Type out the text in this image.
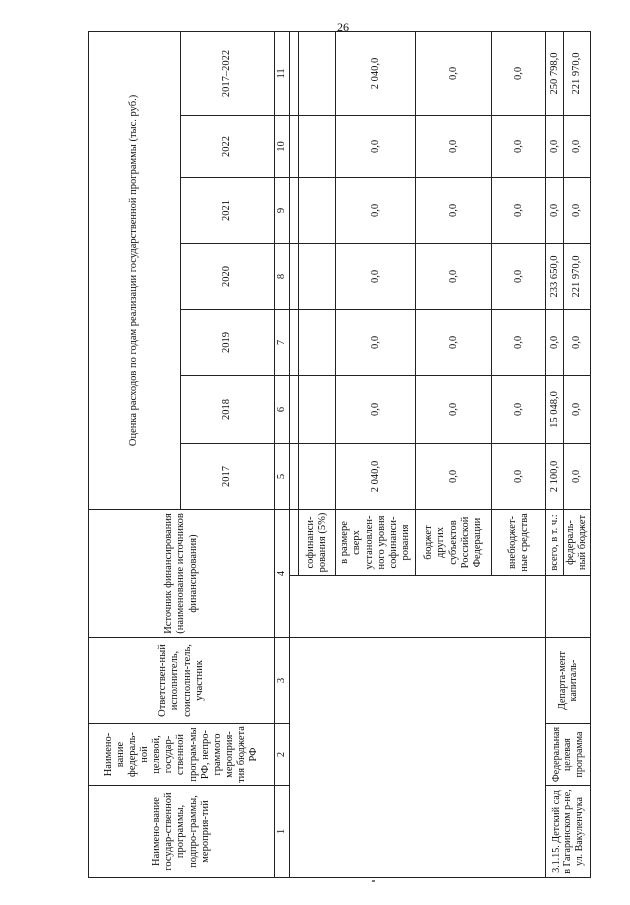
26
Наимено-вание государ-ственной программы, подпро-граммы, мероприя-тий	Наимено-вание федераль-ной целевой, государ-ственной програм-мы РФ, непро-граммого мероприя-тия бюджета РФ	Ответствен-ный исполнитель, соисполни-тель, участник	Источник финансирования (наименование источников финансирования)		Оценка расходов по годам реализации государственной программы (тыс. руб.)						
					2017	2018	2019	2020	2021	2022	2017–2022
1	2	3	4		5	6	7	8	9	10	11

				софинанси-рования (5%)							
				в размере сверх установлен-ного уровня софинанси-рования	2 040,0	0,0	0,0	0,0	0,0	0,0	2 040,0
				бюджет других субъектов Российской Федерации	0,0	0,0	0,0	0,0	0,0	0,0	0,0
				внебюджет-ные средства	0,0	0,0	0,0	0,0	0,0	0,0	0,0
3.1.15. Детский сад в Гагаринском р-не, ул. Вакуленчука	Федеральная целевая программа	Департа-мент капиталь-		всего, в т. ч.:	2 100,0	15 048,0	0,0	233 650,0	0,0	0,0	250 798,0
				федераль-ный бюджет	0,0	0,0	0,0	221 970,0	0,0	0,0	221 970,0
